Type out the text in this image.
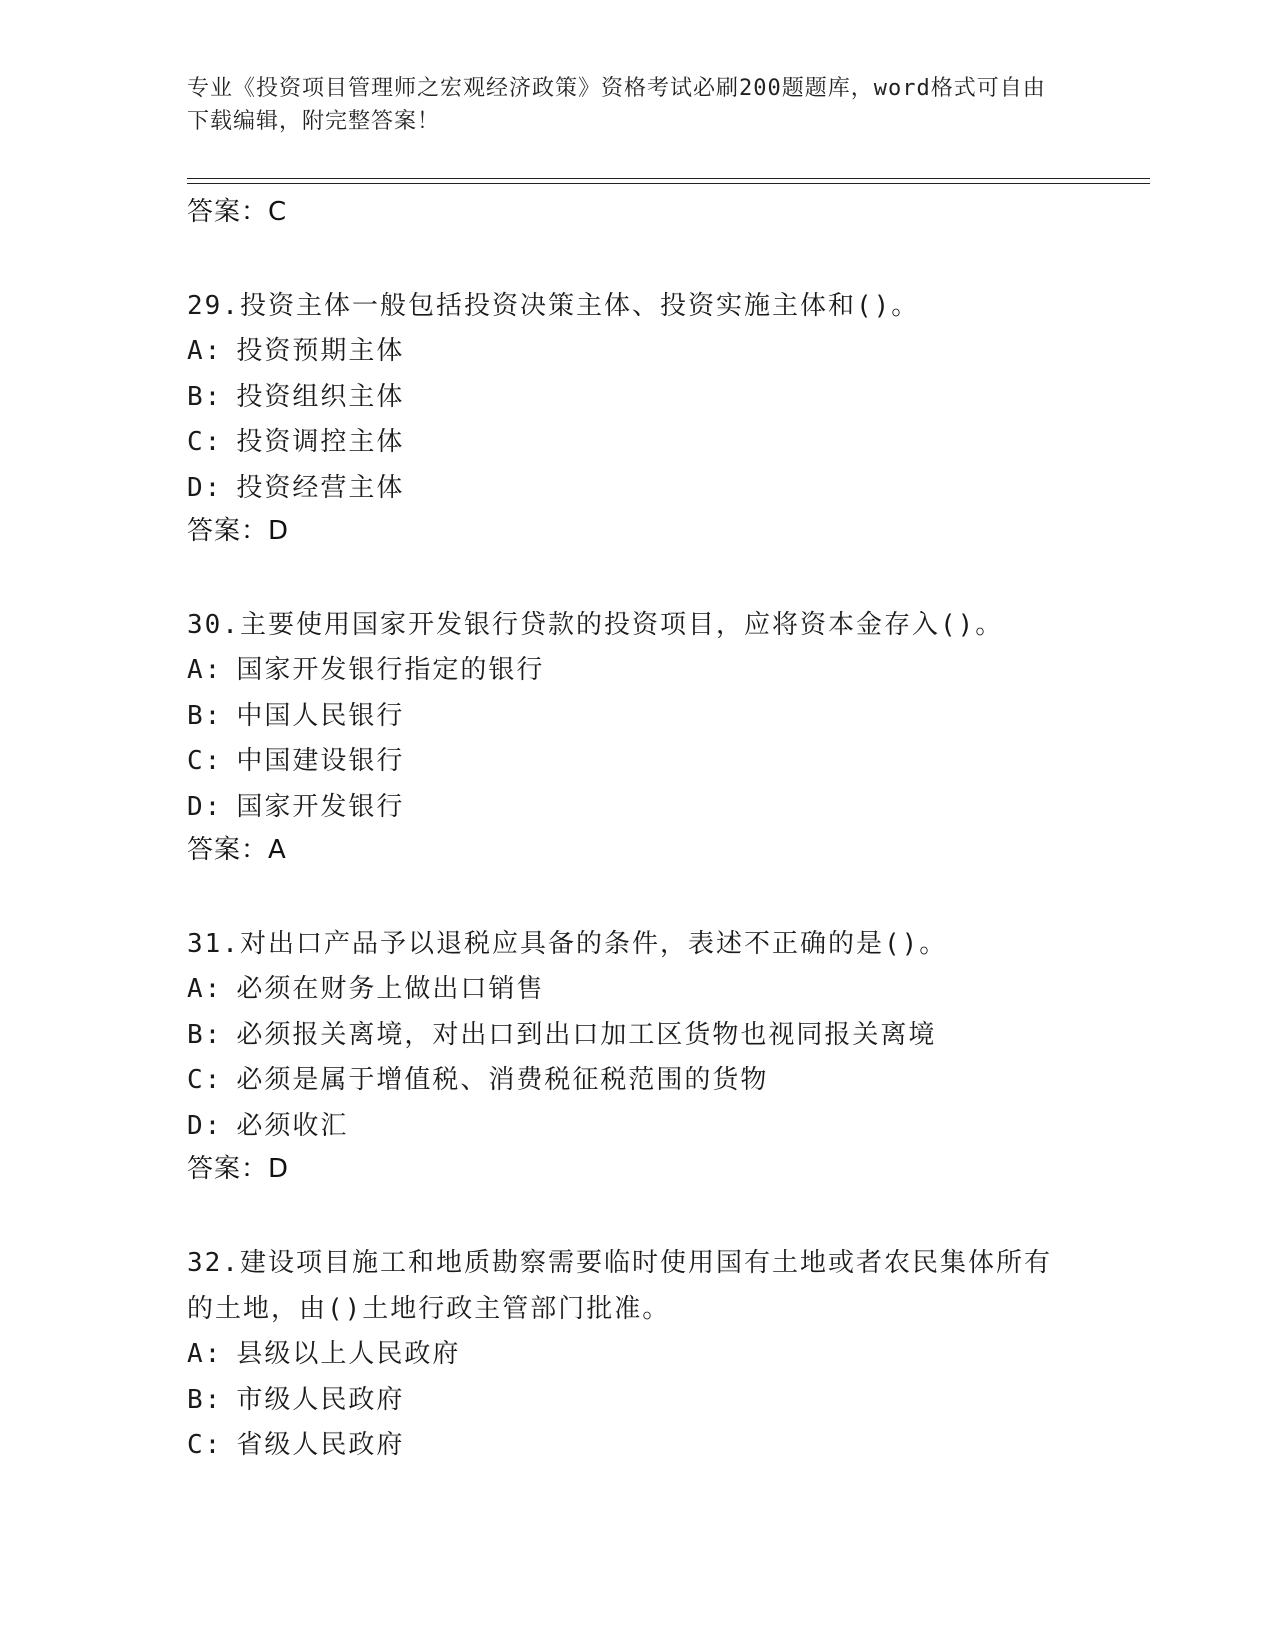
专业《投资项目管理师之宏观经济政策》资格考试必刷200题题库，word格式可自由下载编辑，附完整答案！
答案：C
29.投资主体一般包括投资决策主体、投资实施主体和()。
A: 投资预期主体
B: 投资组织主体
C: 投资调控主体
D: 投资经营主体
答案：D
30.主要使用国家开发银行贷款的投资项目，应将资本金存入()。
A: 国家开发银行指定的银行
B: 中国人民银行
C: 中国建设银行
D: 国家开发银行
答案：A
31.对出口产品予以退税应具备的条件，表述不正确的是()。
A: 必须在财务上做出口销售
B: 必须报关离境，对出口到出口加工区货物也视同报关离境
C: 必须是属于增值税、消费税征税范围的货物
D: 必须收汇
答案：D
32.建设项目施工和地质勘察需要临时使用国有土地或者农民集体所有的土地，由()土地行政主管部门批准。
A: 县级以上人民政府
B: 市级人民政府
C: 省级人民政府
